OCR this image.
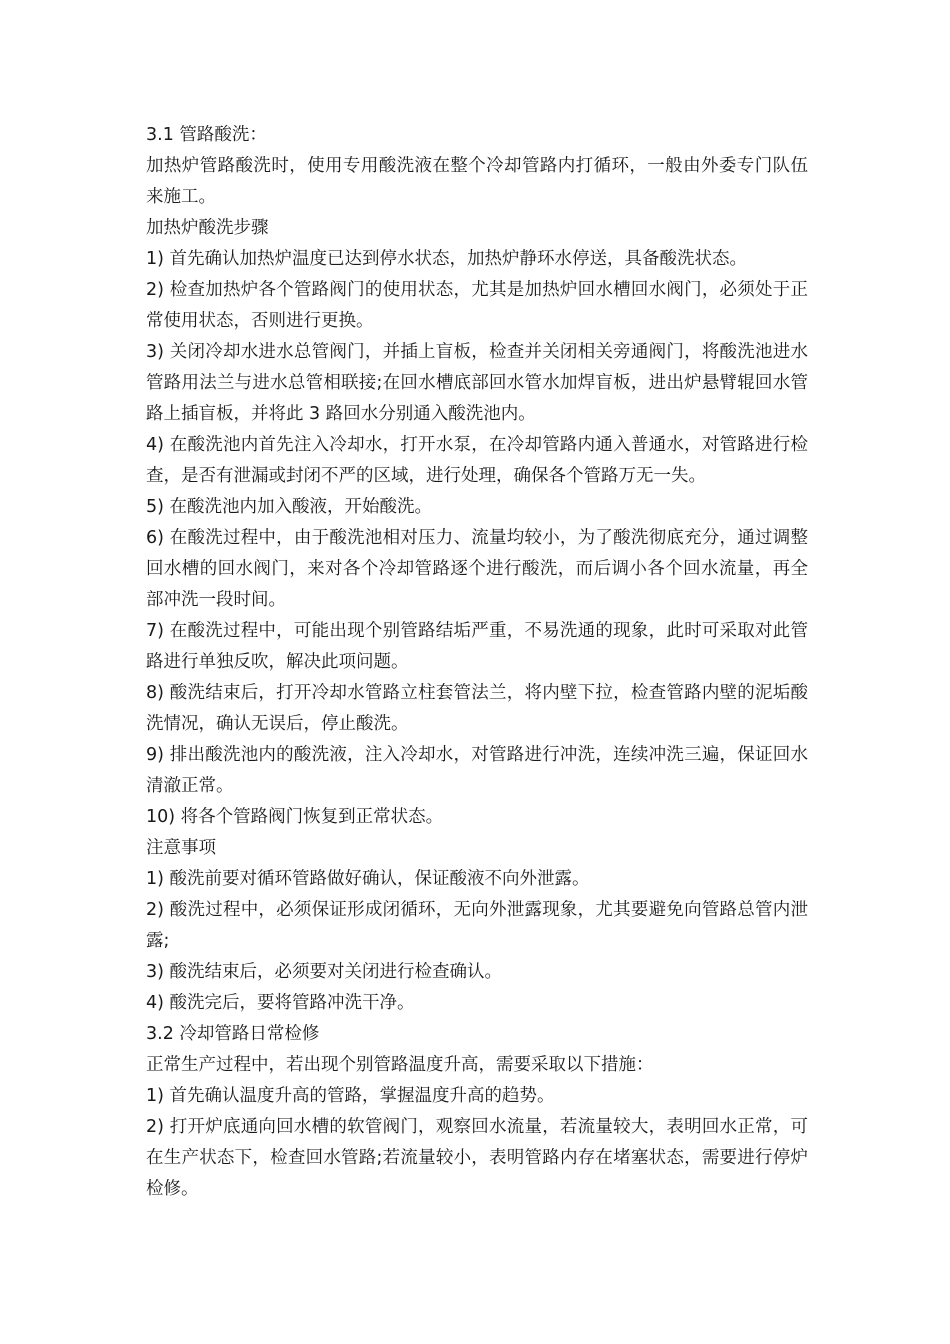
3.1 管路酸洗：

加热炉管路酸洗时，使用专用酸洗液在整个冷却管路内打循环，一般由外委专门队伍来施工。

加热炉酸洗步骤

1) 首先确认加热炉温度已达到停水状态，加热炉静环水停送，具备酸洗状态。

2) 检查加热炉各个管路阀门的使用状态，尤其是加热炉回水槽回水阀门，必须处于正常使用状态，否则进行更换。

3) 关闭冷却水进水总管阀门，并插上盲板，检查并关闭相关旁通阀门，将酸洗池进水管路用法兰与进水总管相联接;在回水槽底部回水管水加焊盲板，进出炉悬臂辊回水管路上插盲板，并将此 3 路回水分别通入酸洗池内。

4) 在酸洗池内首先注入冷却水，打开水泵，在冷却管路内通入普通水，对管路进行检查，是否有泄漏或封闭不严的区域，进行处理，确保各个管路万无一失。

5) 在酸洗池内加入酸液，开始酸洗。

6) 在酸洗过程中，由于酸洗池相对压力、流量均较小，为了酸洗彻底充分，通过调整回水槽的回水阀门，来对各个冷却管路逐个进行酸洗，而后调小各个回水流量，再全部冲洗一段时间。

7) 在酸洗过程中，可能出现个别管路结垢严重，不易洗通的现象，此时可采取对此管路进行单独反吹，解决此项问题。

8) 酸洗结束后，打开冷却水管路立柱套管法兰，将内壁下拉，检查管路内壁的泥垢酸洗情况，确认无误后，停止酸洗。

9) 排出酸洗池内的酸洗液，注入冷却水，对管路进行冲洗，连续冲洗三遍，保证回水清澈正常。

10) 将各个管路阀门恢复到正常状态。

注意事项

1) 酸洗前要对循环管路做好确认，保证酸液不向外泄露。

2) 酸洗过程中，必须保证形成闭循环，无向外泄露现象，尤其要避免向管路总管内泄露;

3) 酸洗结束后，必须要对关闭进行检查确认。

4) 酸洗完后，要将管路冲洗干净。

3.2 冷却管路日常检修

正常生产过程中，若出现个别管路温度升高，需要采取以下措施：

1) 首先确认温度升高的管路，掌握温度升高的趋势。

2) 打开炉底通向回水槽的软管阀门，观察回水流量，若流量较大，表明回水正常，可在生产状态下，检查回水管路;若流量较小，表明管路内存在堵塞状态，需要进行停炉检修。
